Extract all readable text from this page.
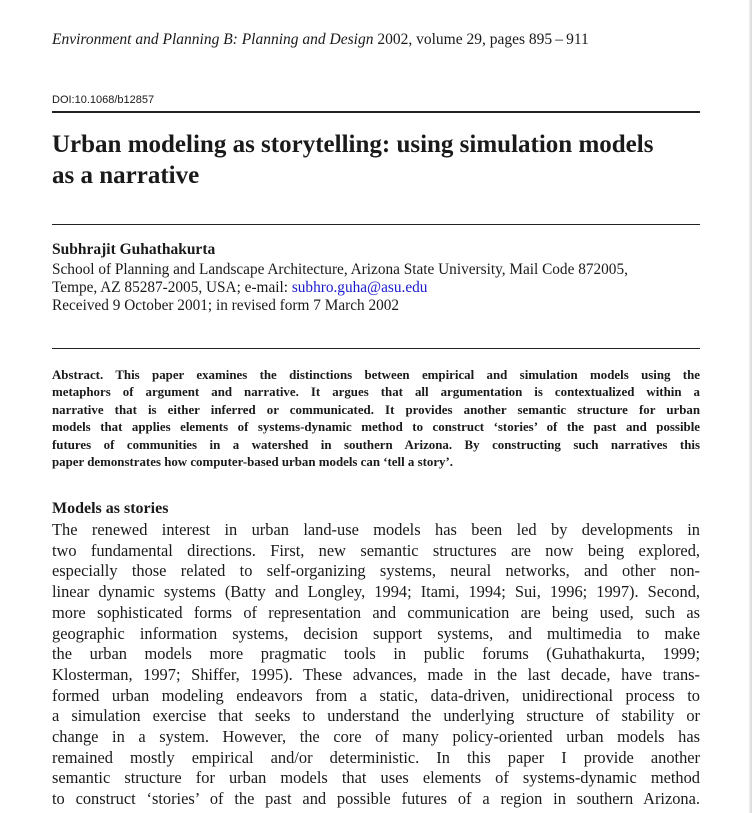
Environment and Planning B: Planning and Design 2002, volume 29, pages 895 – 911
DOI:10.1068/b12857
Urban modeling as storytelling: using simulation models
as a narrative
Subhrajit Guhathakurta
School of Planning and Landscape Architecture, Arizona State University, Mail Code 872005,
Tempe, AZ 85287-2005, USA; e-mail: subhro.guha@asu.edu
Received 9 October 2001; in revised form 7 March 2002
Abstract. This paper examines the distinctions between empirical and simulation models using the
metaphors of argument and narrative. It argues that all argumentation is contextualized within a
narrative that is either inferred or communicated. It provides another semantic structure for urban
models that applies elements of systems-dynamic method to construct ‘stories’ of the past and possible
futures of communities in a watershed in southern Arizona. By constructing such narratives this
paper demonstrates how computer-based urban models can ‘tell a story’.
Models as stories
The renewed interest in urban land-use models has been led by developments in
two fundamental directions. First, new semantic structures are now being explored,
especially those related to self-organizing systems, neural networks, and other non-
linear dynamic systems (Batty and Longley, 1994; Itami, 1994; Sui, 1996; 1997). Second,
more sophisticated forms of representation and communication are being used, such as
geographic information systems, decision support systems, and multimedia to make
the urban models more pragmatic tools in public forums (Guhathakurta, 1999;
Klosterman, 1997; Shiffer, 1995). These advances, made in the last decade, have trans-
formed urban modeling endeavors from a static, data-driven, unidirectional process to
a simulation exercise that seeks to understand the underlying structure of stability or
change in a system. However, the core of many policy-oriented urban models has
remained mostly empirical and/or deterministic. In this paper I provide another
semantic structure for urban models that uses elements of systems-dynamic method
to construct ‘stories’ of the past and possible futures of a region in southern Arizona.
